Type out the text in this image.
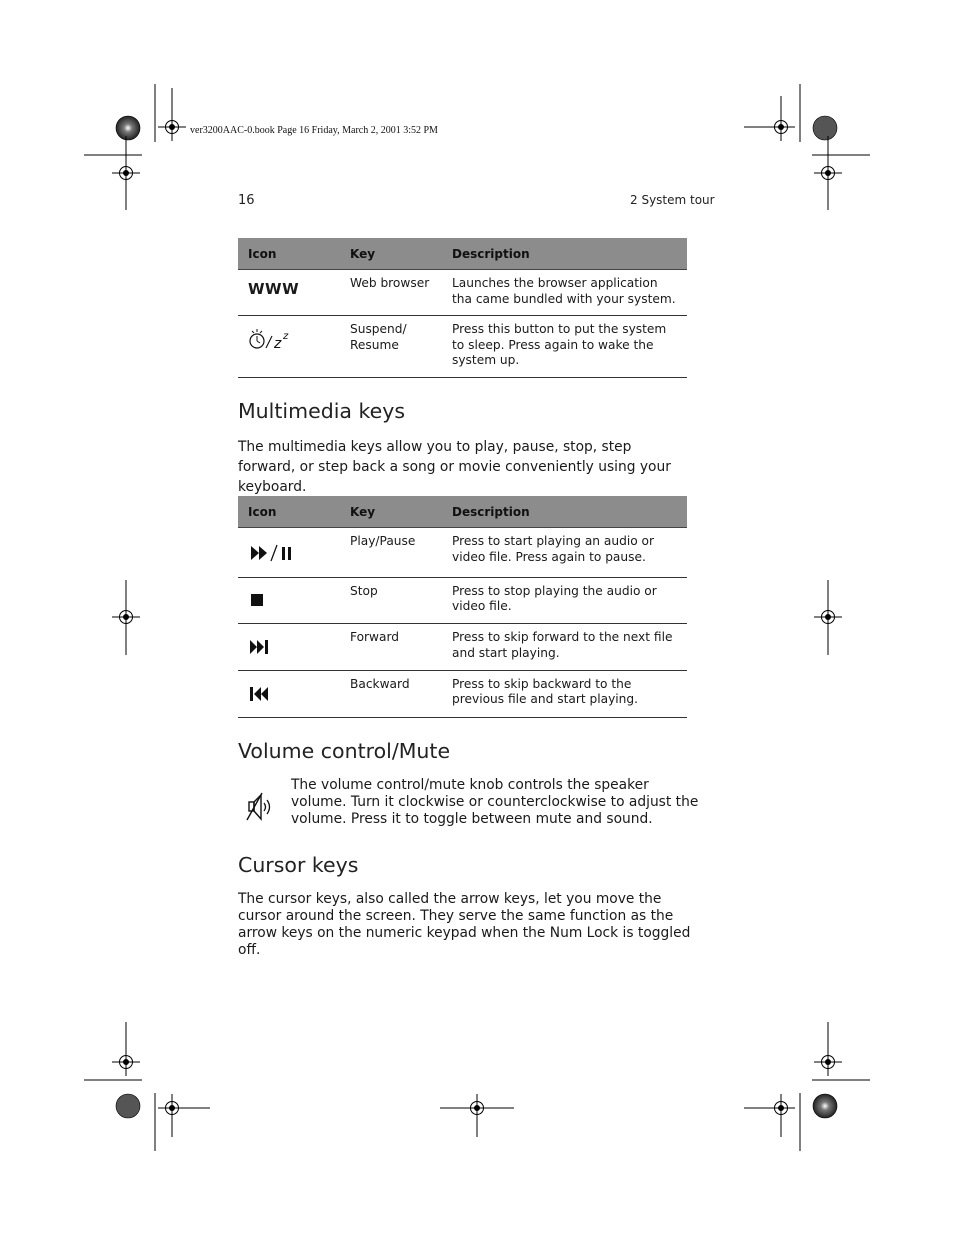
ver3200AAC-0.book Page 16 Friday, March 2, 2001 3:52 PM
16	2 System tour
Icon	Key	Description
WWW	Web browser	Launches the browser application tha came bundled with your system.

z z	Suspend/ Resume	Press this button to put the system to sleep. Press again to wake the system up.
Multimedia keys
The multimedia keys allow you to play, pause, stop, step forward, or step back a song or movie conveniently using your keyboard.
Icon	Key	Description
	Play/Pause	Press to start playing an audio or video file. Press again to pause.
	Stop	Press to stop playing the audio or video file.
	Forward	Press to skip forward to the next file and start playing.
	Backward	Press to skip backward to the previous file and start playing.
Volume control/Mute
The volume control/mute knob controls the speaker volume. Turn it clockwise or counterclockwise to adjust the volume. Press it to toggle between mute and sound.
Cursor keys
The cursor keys, also called the arrow keys, let you move the cursor around the screen. They serve the same function as the arrow keys on the numeric keypad when the Num Lock is toggled off.
